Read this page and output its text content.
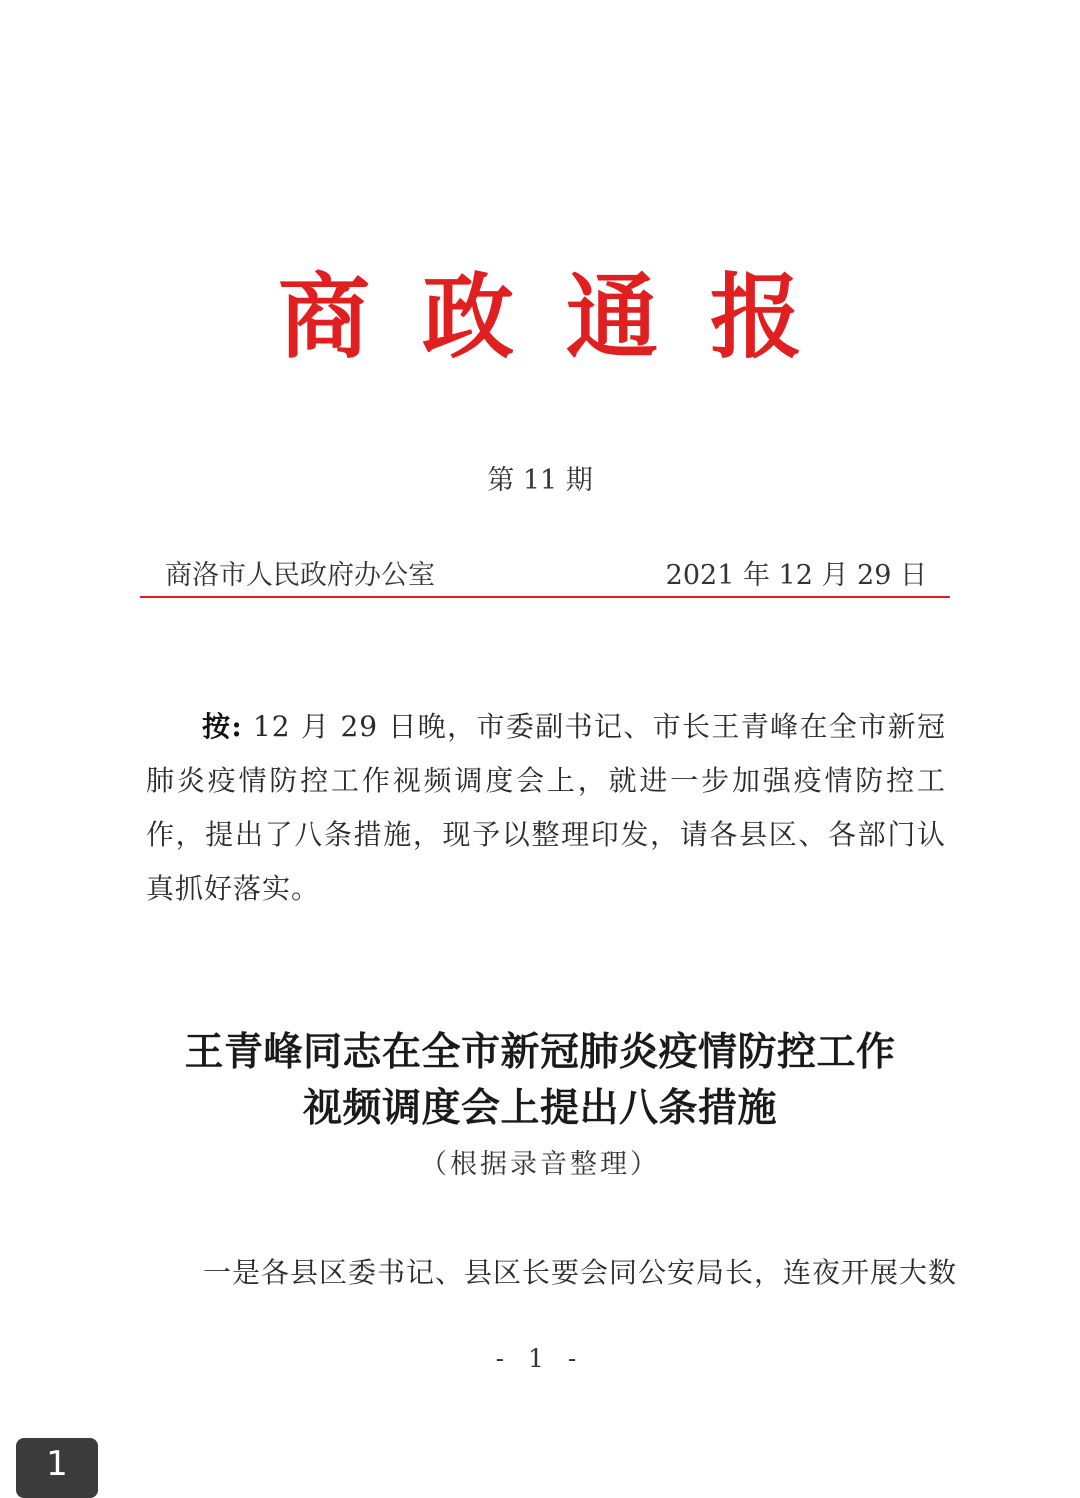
商政通报
第 11 期
商洛市人民政府办公室	2021 年 12 月 29 日
按: 12 月 29 日晚，市委副书记、市长王青峰在全市新冠肺炎疫情防控工作视频调度会上，就进一步加强疫情防控工作，提出了八条措施，现予以整理印发，请各县区、各部门认真抓好落实。
王青峰同志在全市新冠肺炎疫情防控工作
视频调度会上提出八条措施
（根据录音整理）
一是各县区委书记、县区长要会同公安局长，连夜开展大数
- 1 -
1
